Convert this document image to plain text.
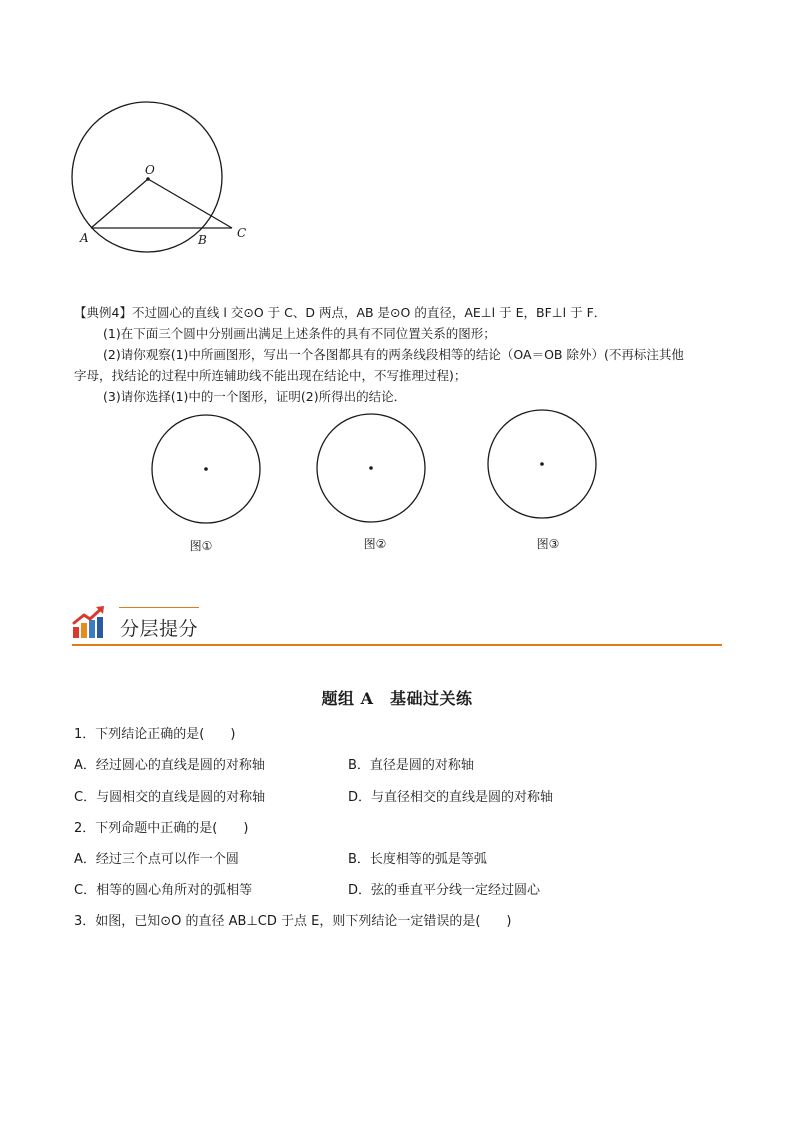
O
A	B	C
【典例4】不过圆心的直线 l 交⊙O 于 C、D 两点，AB 是⊙O 的直径，AE⊥l 于 E，BF⊥l 于 F．
(1)在下面三个圆中分别画出满足上述条件的具有不同位置关系的图形；
(2)请你观察(1)中所画图形，写出一个各图都具有的两条线段相等的结论（OA＝OB 除外）(不再标注其他
字母，找结论的过程中所连辅助线不能出现在结论中，不写推理过程)；
(3)请你选择(1)中的一个图形，证明(2)所得出的结论．
图①	图②	图③
分层提分
题组 A　基础过关练
1．下列结论正确的是(　　)
A．经过圆心的直线是圆的对称轴	B．直径是圆的对称轴
C．与圆相交的直线是圆的对称轴	D．与直径相交的直线是圆的对称轴
2．下列命题中正确的是(　　)
A．经过三个点可以作一个圆	B．长度相等的弧是等弧
C．相等的圆心角所对的弧相等	D．弦的垂直平分线一定经过圆心
3．如图，已知⊙O 的直径 AB⊥CD 于点 E，则下列结论一定错误的是(　　)
